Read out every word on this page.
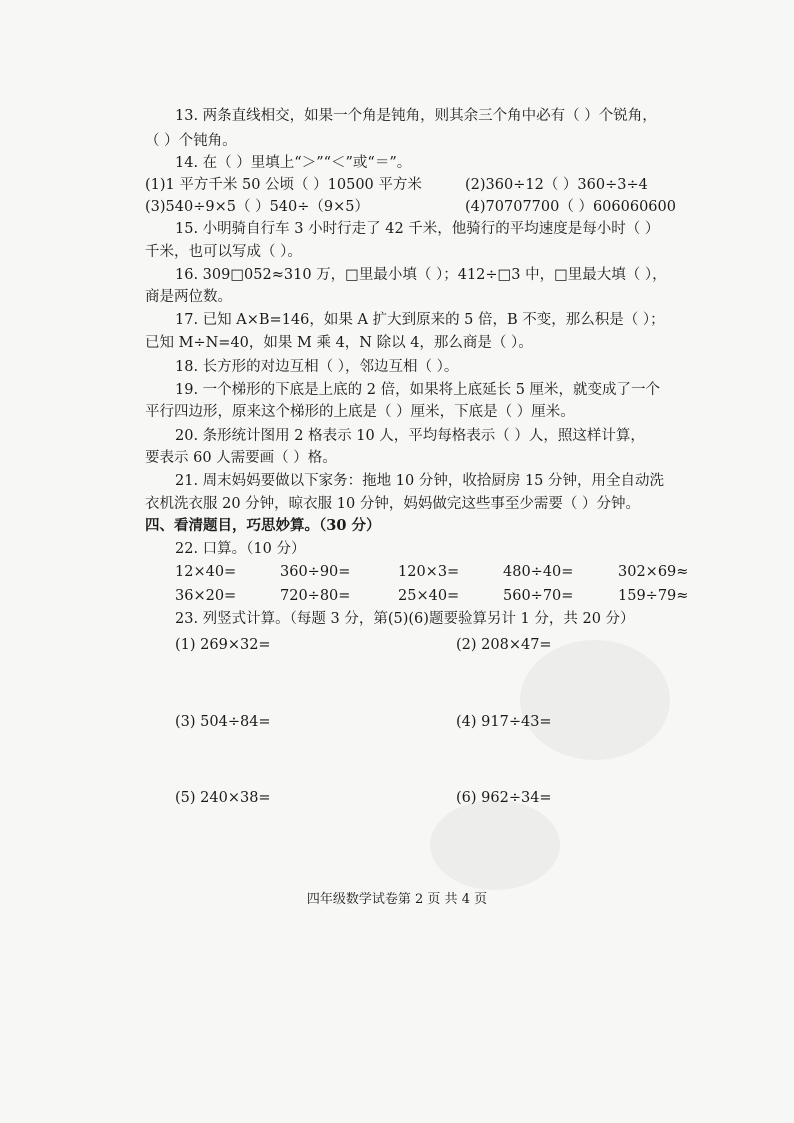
13. 两条直线相交，如果一个角是钝角，则其余三个角中必有（ ）个锐角，
（ ）个钝角。
14. 在（ ）里填上“＞”“＜”或“＝”。
(1)1 平方千米 50 公顷（ ）10500 平方米	(2)360÷12（ ）360÷3÷4
(3)540÷9×5（ ）540÷（9×5）	(4)70707700（ ）606060600
15. 小明骑自行车 3 小时行走了 42 千米，他骑行的平均速度是每小时（ ）
千米，也可以写成（ ）。
16. 309□052≈310 万，□里最小填（ ）；412÷□3 中，□里最大填（ ），
商是两位数。
17. 已知 A×B=146，如果 A 扩大到原来的 5 倍，B 不变，那么积是（ ）；
已知 M÷N=40，如果 M 乘 4，N 除以 4，那么商是（ ）。
18. 长方形的对边互相（ ），邻边互相（ ）。
19. 一个梯形的下底是上底的 2 倍，如果将上底延长 5 厘米，就变成了一个
平行四边形，原来这个梯形的上底是（ ）厘米，下底是（ ）厘米。
20. 条形统计图用 2 格表示 10 人，平均每格表示（ ）人，照这样计算，
要表示 60 人需要画（ ）格。
21. 周末妈妈要做以下家务：拖地 10 分钟，收拾厨房 15 分钟，用全自动洗
衣机洗衣服 20 分钟，晾衣服 10 分钟，妈妈做完这些事至少需要（ ）分钟。
四、看清题目，巧思妙算。（30 分）
22. 口算。（10 分）
12×40=	360÷90=	120×3=	480÷40=	302×69≈
36×20=	720÷80=	25×40=	560÷70=	159÷79≈
23. 列竖式计算。（每题 3 分，第(5)(6)题要验算另计 1 分，共 20 分）
(1) 269×32=	(2) 208×47=
(3) 504÷84=	(4) 917÷43=
(5) 240×38=	(6) 962÷34=
四年级数学试卷第 2 页 共 4 页
